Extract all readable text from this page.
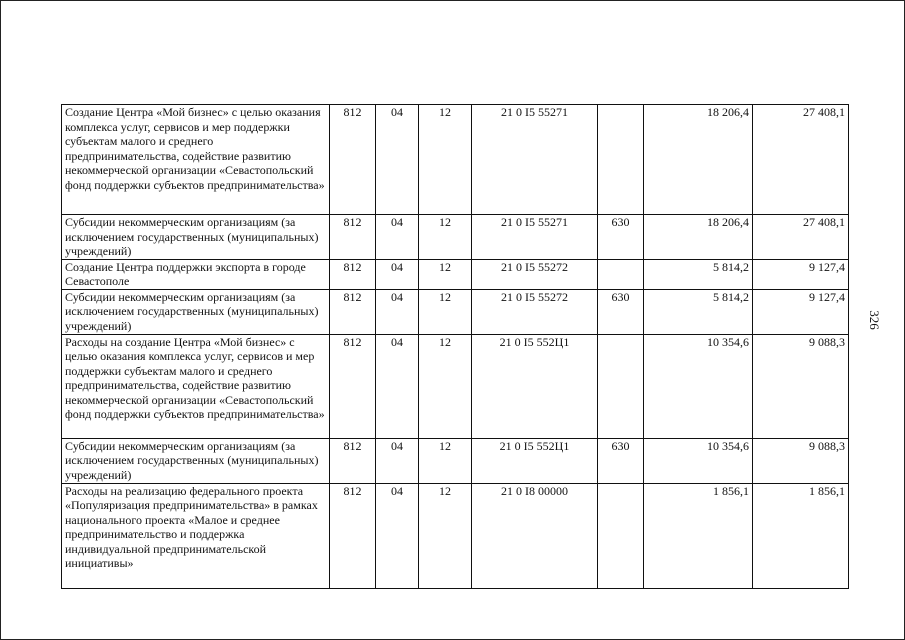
326
Создание Центра «Мой бизнес» с целью оказания комплекса услуг, сервисов и мер поддержки субъектам малого и среднего предпринимательства, содействие развитию некоммерческой организации «Севастопольский фонд поддержки субъектов предпринимательства»	812	04	12	21 0 I5 55271		18 206,4	27 408,1
Субсидии некоммерческим организациям (за исключением государственных (муниципальных) учреждений)	812	04	12	21 0 I5 55271	630	18 206,4	27 408,1
Создание Центра поддержки экспорта в городе Севастополе	812	04	12	21 0 I5 55272		5 814,2	9 127,4
Субсидии некоммерческим организациям (за исключением государственных (муниципальных) учреждений)	812	04	12	21 0 I5 55272	630	5 814,2	9 127,4
Расходы на создание Центра «Мой бизнес» с целью оказания комплекса услуг, сервисов и мер поддержки субъектам малого и среднего предпринимательства, содействие развитию некоммерческой организации «Севастопольский фонд поддержки субъектов предпринимательства»	812	04	12	21 0 I5 552Ц1		10 354,6	9 088,3
Субсидии некоммерческим организациям (за исключением государственных (муниципальных) учреждений)	812	04	12	21 0 I5 552Ц1	630	10 354,6	9 088,3
Расходы на реализацию федерального проекта «Популяризация предпринимательства» в рамках национального проекта «Малое и среднее предпринимательство и поддержка индивидуальной предпринимательской инициативы»	812	04	12	21 0 I8 00000		1 856,1	1 856,1
